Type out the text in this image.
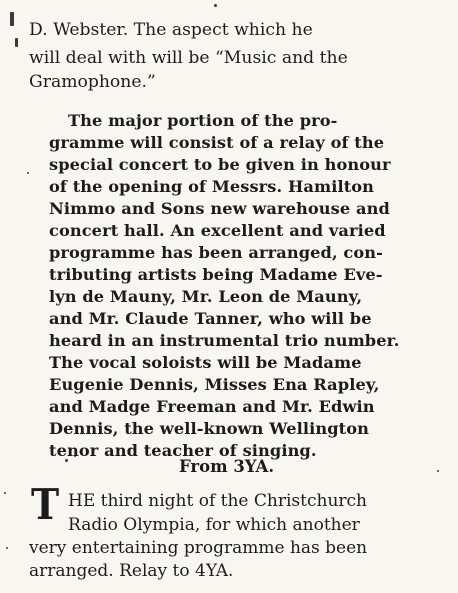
D. Webster. The aspect which he
will deal with will be “Music and the
Gramophone.”
The major portion of the pro-
gramme will consist of a relay of the
special concert to be given in honour
of the opening of Messrs. Hamilton
Nimmo and Sons new warehouse and
concert hall. An excellent and varied
programme has been arranged, con-
tributing artists being Madame Eve-
lyn de Mauny, Mr. Leon de Mauny,
and Mr. Claude Tanner, who will be
heard in an instrumental trio number.
The vocal soloists will be Madame
Eugenie Dennis, Misses Ena Rapley,
and Madge Freeman and Mr. Edwin
Dennis, the well-known Wellington
tenor and teacher of singing.
From 3YA.
T HE third night of the Christchurch
Radio Olympia, for which another
very entertaining programme has been
arranged. Relay to 4YA.
